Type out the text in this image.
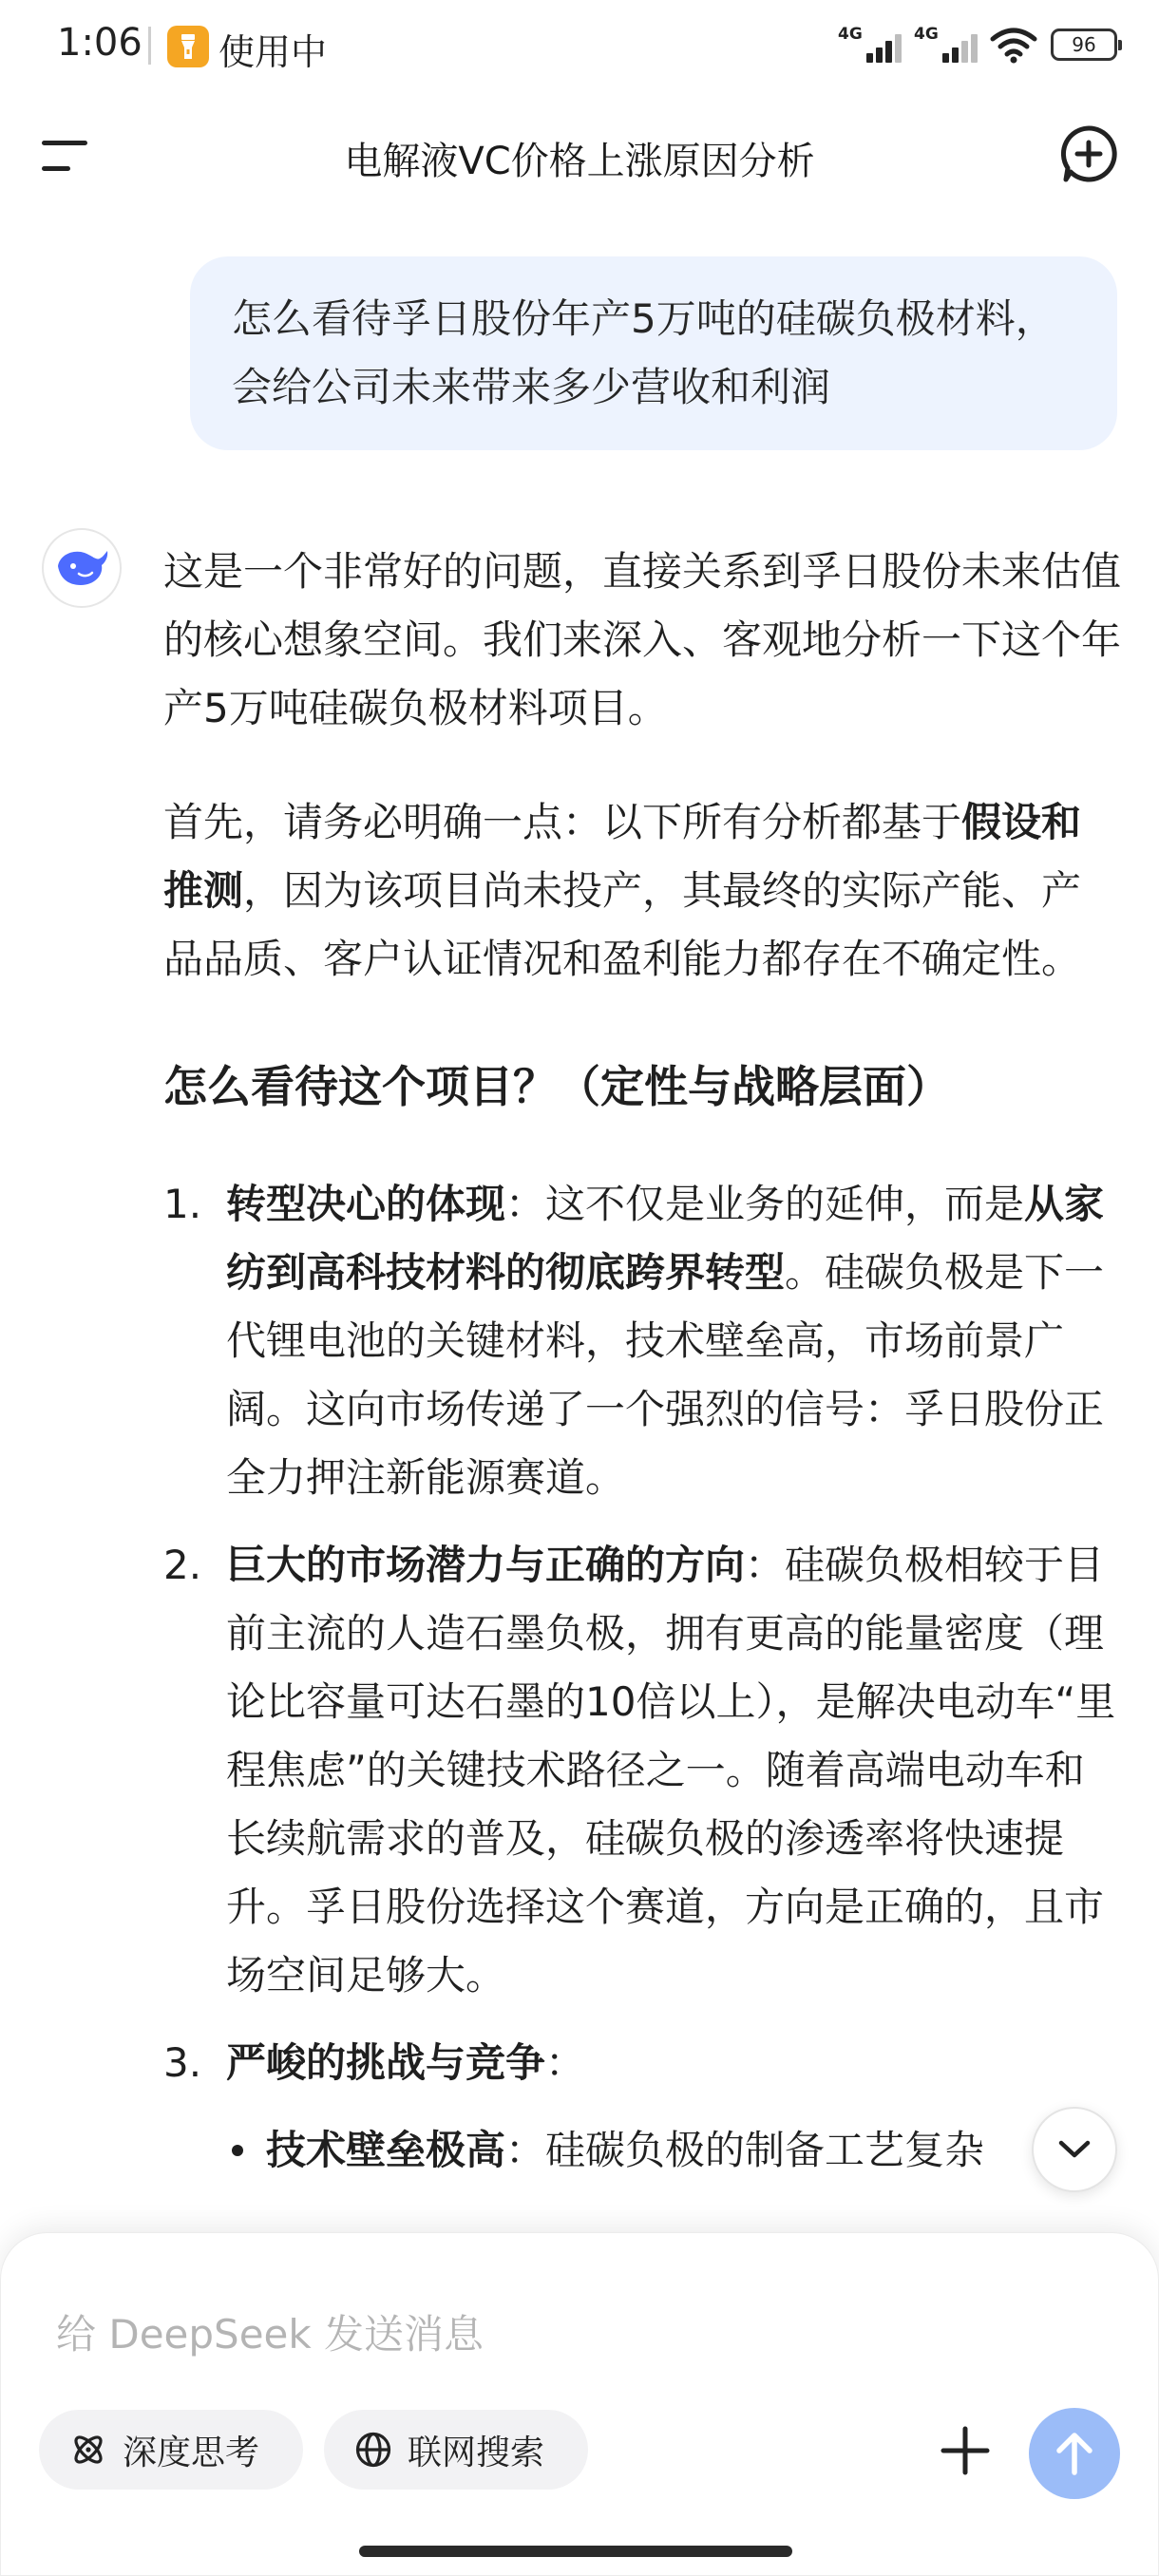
1:06 使用中	4G	4G	96
电解液VC价格上涨原因分析
怎么看待孚日股份年产5万吨的硅碳负极材料，会给公司未来带来多少营收和利润

这是一个非常好的问题，直接关系到孚日股份未来估值的核心想象空间。我们来深入、客观地分析一下这个年产5万吨硅碳负极材料项目。

首先，请务必明确一点：以下所有分析都基于假设和推测，因为该项目尚未投产，其最终的实际产能、产品品质、客户认证情况和盈利能力都存在不确定性。

怎么看待这个项目？（定性与战略层面）
1. 转型决心的体现：这不仅是业务的延伸，而是从家纺到高科技材料的彻底跨界转型。硅碳负极是下一代锂电池的关键材料，技术壁垒高，市场前景广阔。这向市场传递了一个强烈的信号：孚日股份正全力押注新能源赛道。
2. 巨大的市场潜力与正确的方向：硅碳负极相较于目前主流的人造石墨负极，拥有更高的能量密度（理论比容量可达石墨的10倍以上），是解决电动车“里程焦虑”的关键技术路径之一。随着高端电动车和长续航需求的普及，硅碳负极的渗透率将快速提升。孚日股份选择这个赛道，方向是正确的，且市场空间足够大。
3. 严峻的挑战与竞争：
技术壁垒极高：硅碳负极的制备工艺复杂
给 DeepSeek 发送消息
深度思考	联网搜索
